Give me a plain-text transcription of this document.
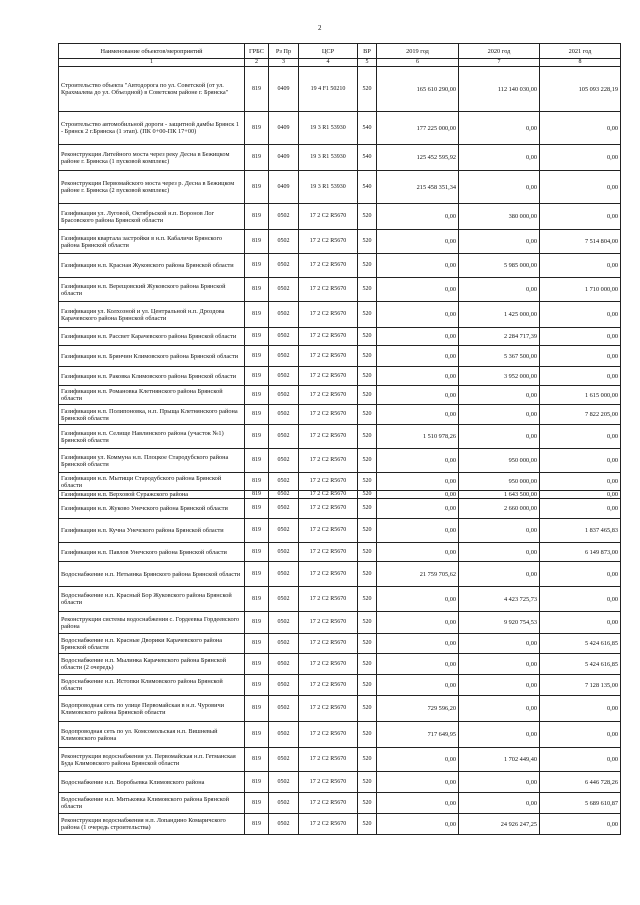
2
Наименование объектов/мероприятий	ГРБС	Рз Пр	ЦСР	ВР	2019 год	2020 год	2021 год
1	2	3	4	5	6	7	8
Строительство объекта "Автодорога по ул. Советской (от ул. Крахмалева до ул. Объездной) в Советском районе г. Брянска"	819	0409	19 4 F1 50210	520	165 610 290,00	112 140 030,00	105 093 228,19
Строительство автомобильной дороги - защитной дамбы Брянск 1 - Брянск 2 г.Брянска (1 этап). (ПК 0+00-ПК 17+00)	819	0409	19 3 R1 53930	540	177 225 000,00	0,00	0,00
Реконструкция Литейного моста через реку Десна в Бежицком районе г. Брянска (1 пусковой комплекс)	819	0409	19 3 R1 53930	540	125 452 595,92	0,00	0,00
Реконструкция Первомайского моста через р. Десна в Бежицком районе г. Брянска (2 пусковой комплекс)	819	0409	19 3 R1 53930	540	215 458 351,34	0,00	0,00
Газификация ул. Луговой, Октябрьской н.п. Воронов Лог Брасовского района Брянской области	819	0502	17 2 C2 R5670	520	0,00	380 000,00	0,00
Газификация квартала застройки в н.п. Кабаличи Брянского района Брянской области	819	0502	17 2 C2 R5670	520	0,00	0,00	7 514 804,00
Газификация н.п. Красная Жуковского района Брянской области	819	0502	17 2 C2 R5670	520	0,00	5 985 000,00	0,00
Газификация н.п. Верещовский Жуковского района Брянской области	819	0502	17 2 C2 R5670	520	0,00	0,00	1 710 000,00
Газификация ул. Колхозной и ул. Центральной н.п. Дроздова Карачевского района Брянской области	819	0502	17 2 C2 R5670	520	0,00	1 425 000,00	0,00
Газификация н.п. Рассвет Карачевского района Брянской области	819	0502	17 2 C2 R5670	520	0,00	2 284 717,39	0,00
Газификация н.п. Брянчин Климовского района Брянской области	819	0502	17 2 C2 R5670	520	0,00	5 367 500,00	0,00
Газификация н.п. Раковка Климовского района Брянской области	819	0502	17 2 C2 R5670	520	0,00	3 952 000,00	0,00
Газификация н.п. Романовка Клетнянского района Брянской области	819	0502	17 2 C2 R5670	520	0,00	0,00	1 615 000,00
Газификация н.п. Полипоновка, н.п. Прыща Клетнянского района Брянской области	819	0502	17 2 C2 R5670	520	0,00	0,00	7 822 205,00
Газификация н.п. Селище Навлинского района (участок №1) Брянской области	819	0502	17 2 C2 R5670	520	1 510 978,26	0,00	0,00
Газификация ул. Коммуна н.п. Плоцкое Стародубского района Брянской области	819	0502	17 2 C2 R5670	520	0,00	950 000,00	0,00
Газификация н.п. Мытищи Стародубского района Брянской области	819	0502	17 2 C2 R5670	520	0,00	950 000,00	0,00
Газификация н.п. Верховой Суражского района	819	0502	17 2 C2 R5670	520	0,00	1 643 500,00	0,00
Газификация н.п. Жуково Унечского района Брянской области	819	0502	17 2 C2 R5670	520	0,00	2 660 000,00	0,00
Газификация н.п. Кучна Унечского района Брянской области	819	0502	17 2 C2 R5670	520	0,00	0,00	1 837 465,83
Газификация н.п. Павлов Унечского района Брянской области	819	0502	17 2 C2 R5670	520	0,00	0,00	6 149 873,00
Водоснабжение н.п. Нетьинка Брянского района Брянской области	819	0502	17 2 C2 R5670	520	21 759 705,62	0,00	0,00
Водоснабжение н.п. Красный Бор Жуковского района Брянской области	819	0502	17 2 C2 R5670	520	0,00	4 423 725,73	0,00
Реконструкция системы водоснабжения с. Гордеевка Гордеевского района	819	0502	17 2 C2 R5670	520	0,00	9 920 754,53	0,00
Водоснабжение н.п. Красные Дворики Карачевского района Брянской области	819	0502	17 2 C2 R5670	520	0,00	0,00	5 424 616,85
Водоснабжение н.п. Мылинка Карачевского района Брянской области (2 очередь)	819	0502	17 2 C2 R5670	520	0,00	0,00	5 424 616,85
Водоснабжение н.п. Истопки Климовского района Брянской области	819	0502	17 2 C2 R5670	520	0,00	0,00	7 128 135,00
Водопроводная сеть по улице Первомайская в н.п. Чуровичи Климовского района Брянской области	819	0502	17 2 C2 R5670	520	729 596,20	0,00	0,00
Водопроводная сеть по ул. Комсомольская н.п. Вишневый Климовского района	819	0502	17 2 C2 R5670	520	717 649,95	0,00	0,00
Реконструкция водоснабжения ул. Первомайская н.п. Гетманская Буда Климовского района Брянской области	819	0502	17 2 C2 R5670	520	0,00	1 702 449,40	0,00
Водоснабжение н.п. Воробьевка Климовского района	819	0502	17 2 C2 R5670	520	0,00	0,00	6 446 728,26
Водоснабжение н.п. Митьковка Климовского района Брянской области	819	0502	17 2 C2 R5670	520	0,00	0,00	5 689 610,87
Реконструкция водоснабжения н.п. Лопандино Комаричского района (1 очередь строительства)	819	0502	17 2 C2 R5670	520	0,00	24 926 247,25	0,00
